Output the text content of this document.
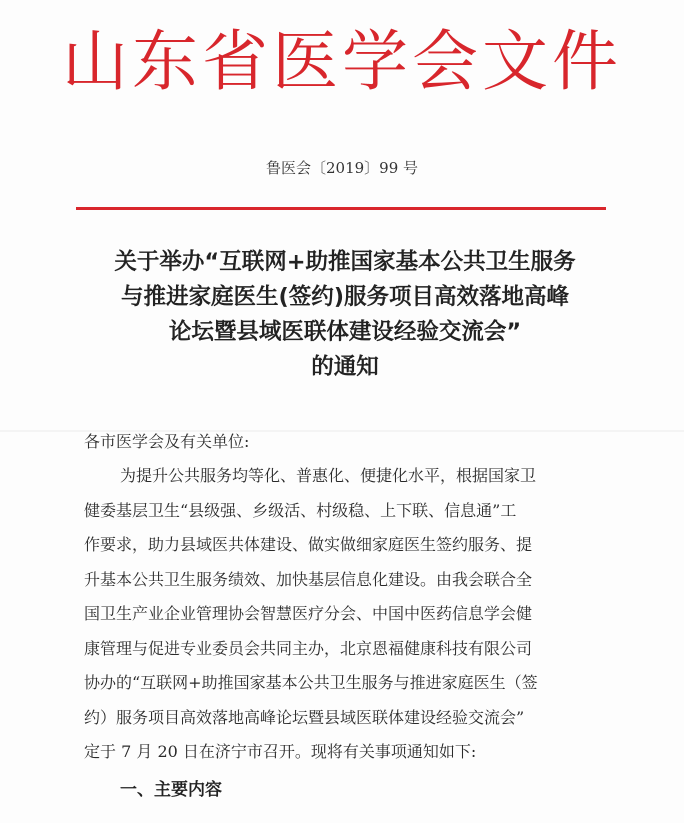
山东省医学会文件
鲁医会〔2019〕99 号
关于举办“互联网+助推国家基本公共卫生服务
与推进家庭医生(签约)服务项目高效落地高峰
论坛暨县域医联体建设经验交流会”
的通知
各市医学会及有关单位:
为提升公共服务均等化、普惠化、便捷化水平，根据国家卫
健委基层卫生“县级强、乡级活、村级稳、上下联、信息通”工
作要求，助力县域医共体建设、做实做细家庭医生签约服务、提
升基本公共卫生服务绩效、加快基层信息化建设。由我会联合全
国卫生产业企业管理协会智慧医疗分会、中国中医药信息学会健
康管理与促进专业委员会共同主办，北京恩福健康科技有限公司
协办的“互联网+助推国家基本公共卫生服务与推进家庭医生（签
约）服务项目高效落地高峰论坛暨县域医联体建设经验交流会”
定于 7 月 20 日在济宁市召开。现将有关事项通知如下:
一、主要内容
